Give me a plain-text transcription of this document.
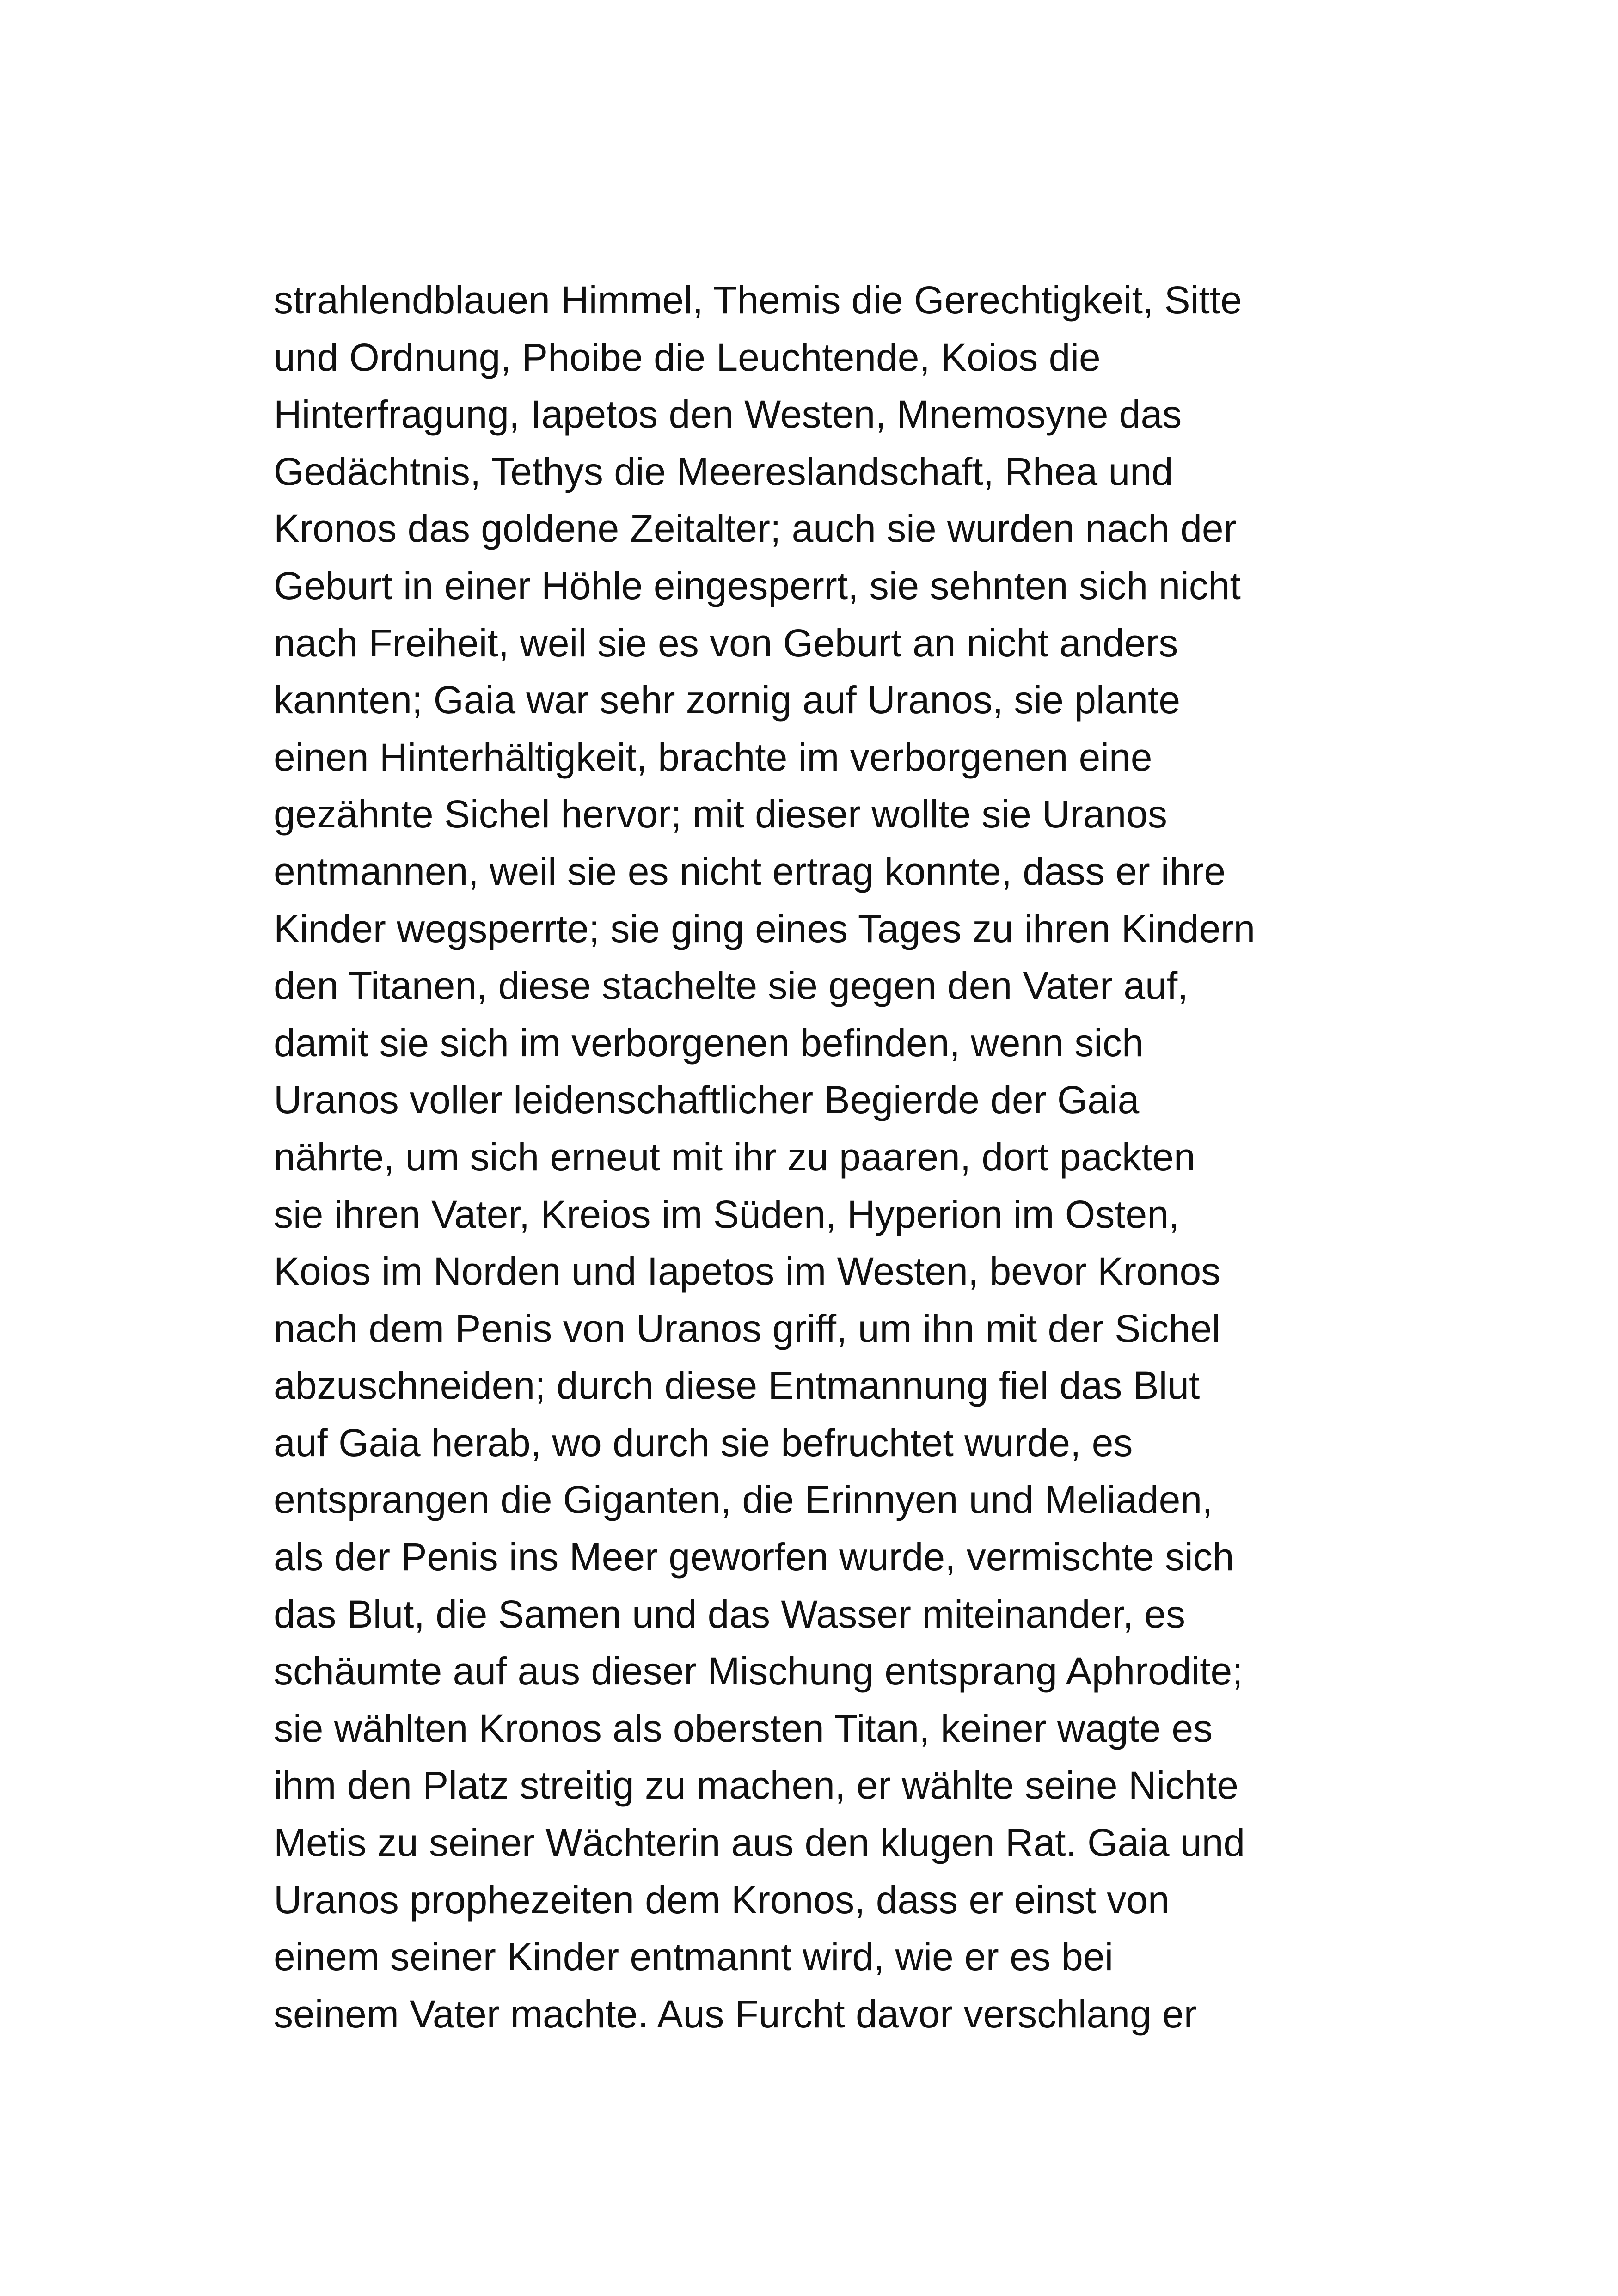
strahlendblauen Himmel, Themis die Gerechtigkeit, Sitte
und Ordnung, Phoibe die Leuchtende, Koios die
Hinterfragung, Iapetos den Westen, Mnemosyne das
Gedächtnis, Tethys die Meereslandschaft, Rhea und
Kronos das goldene Zeitalter; auch sie wurden nach der
Geburt in einer Höhle eingesperrt, sie sehnten sich nicht
nach Freiheit, weil sie es von Geburt an nicht anders
kannten; Gaia war sehr zornig auf Uranos, sie plante
einen Hinterhältigkeit, brachte im verborgenen eine
gezähnte Sichel hervor; mit dieser wollte sie Uranos
entmannen, weil sie es nicht ertrag konnte, dass er ihre
Kinder wegsperrte; sie ging eines Tages zu ihren Kindern
den Titanen, diese stachelte sie gegen den Vater auf,
damit sie sich im verborgenen befinden, wenn sich
Uranos voller leidenschaftlicher Begierde der Gaia
nährte, um sich erneut mit ihr zu paaren, dort packten
sie ihren Vater, Kreios im Süden, Hyperion im Osten,
Koios im Norden und Iapetos im Westen, bevor Kronos
nach dem Penis von Uranos griff, um ihn mit der Sichel
abzuschneiden; durch diese Entmannung fiel das Blut
auf Gaia herab, wo durch sie befruchtet wurde, es
entsprangen die Giganten, die Erinnyen und Meliaden,
als der Penis ins Meer geworfen wurde, vermischte sich
das Blut, die Samen und das Wasser miteinander, es
schäumte auf aus dieser Mischung entsprang Aphrodite;
sie wählten Kronos als obersten Titan, keiner wagte es
ihm den Platz streitig zu machen, er wählte seine Nichte
Metis zu seiner Wächterin aus den klugen Rat. Gaia und
Uranos prophezeiten dem Kronos, dass er einst von
einem seiner Kinder entmannt wird, wie er es bei
seinem Vater machte. Aus Furcht davor verschlang er
